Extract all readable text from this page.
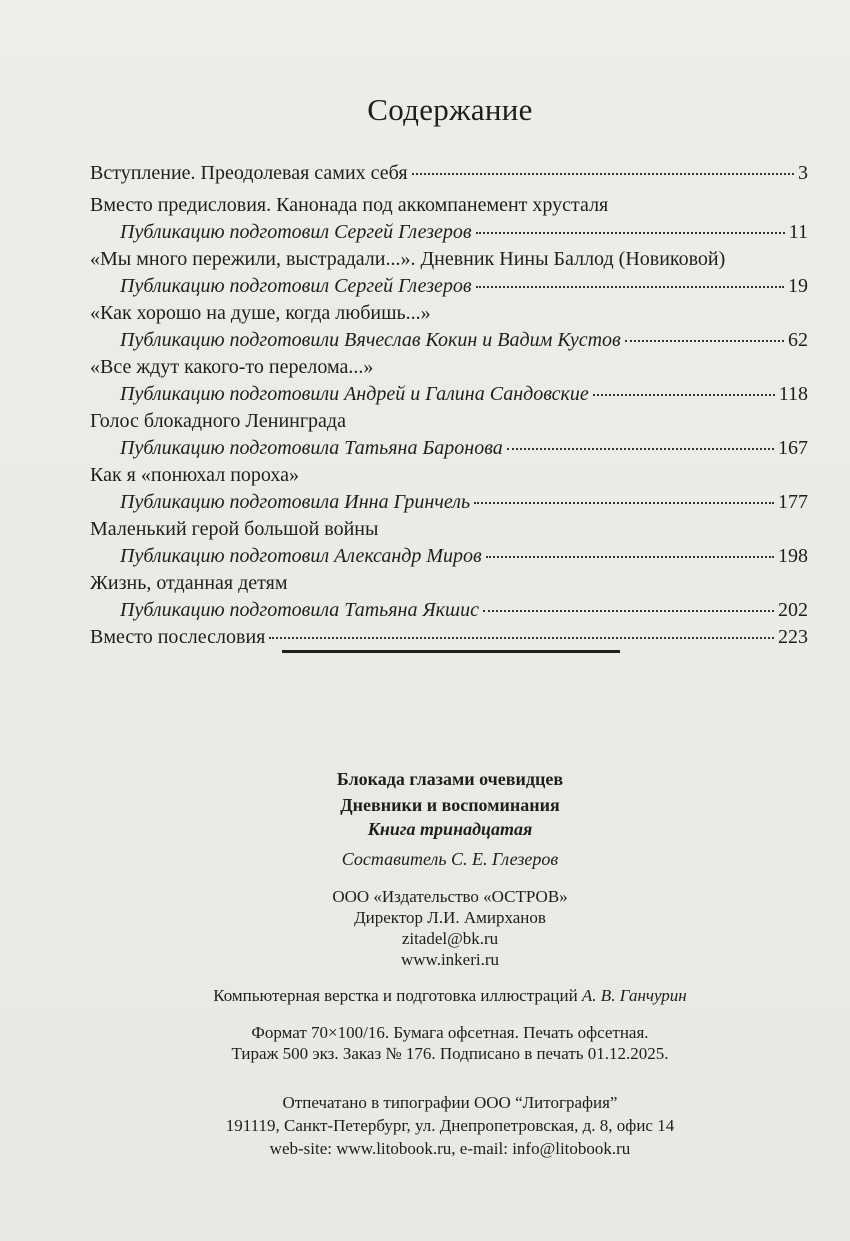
Содержание
Вступление. Преодолевая самих себя	3
Вместо предисловия. Канонада под аккомпанемент хрусталя
Публикацию подготовил Сергей Глезеров	11
«Мы много пережили, выстрадали...». Дневник Нины Баллод (Новиковой)
Публикацию подготовил Сергей Глезеров	19
«Как хорошо на душе, когда любишь...»
Публикацию подготовили Вячеслав Кокин и Вадим Кустов	62
«Все ждут какого-то перелома...»
Публикацию подготовили Андрей и Галина Сандовские	118
Голос блокадного Ленинграда
Публикацию подготовила Татьяна Баронова	167
Как я «понюхал пороха»
Публикацию подготовила Инна Гринчель	177
Маленький герой большой войны
Публикацию подготовил Александр Миров	198
Жизнь, отданная детям
Публикацию подготовила Татьяна Якшис	202
Вместо послесловия	223
Блокада глазами очевидцев
Дневники и воспоминания
Книга тринадцатая
Составитель С. Е. Глезеров
ООО «Издательство «ОСТРОВ»
Директор Л.И. Амирханов
zitadel@bk.ru
www.inkeri.ru
Компьютерная верстка и подготовка иллюстраций А. В. Ганчурин
Формат 70×100/16. Бумага офсетная. Печать офсетная.
Тираж 500 экз. Заказ № 176. Подписано в печать 01.12.2025.
Отпечатано в типографии ООО “Литография”
191119, Санкт-Петербург, ул. Днепропетровская, д. 8, офис 14
web-site: www.litobook.ru, e-mail: info@litobook.ru
